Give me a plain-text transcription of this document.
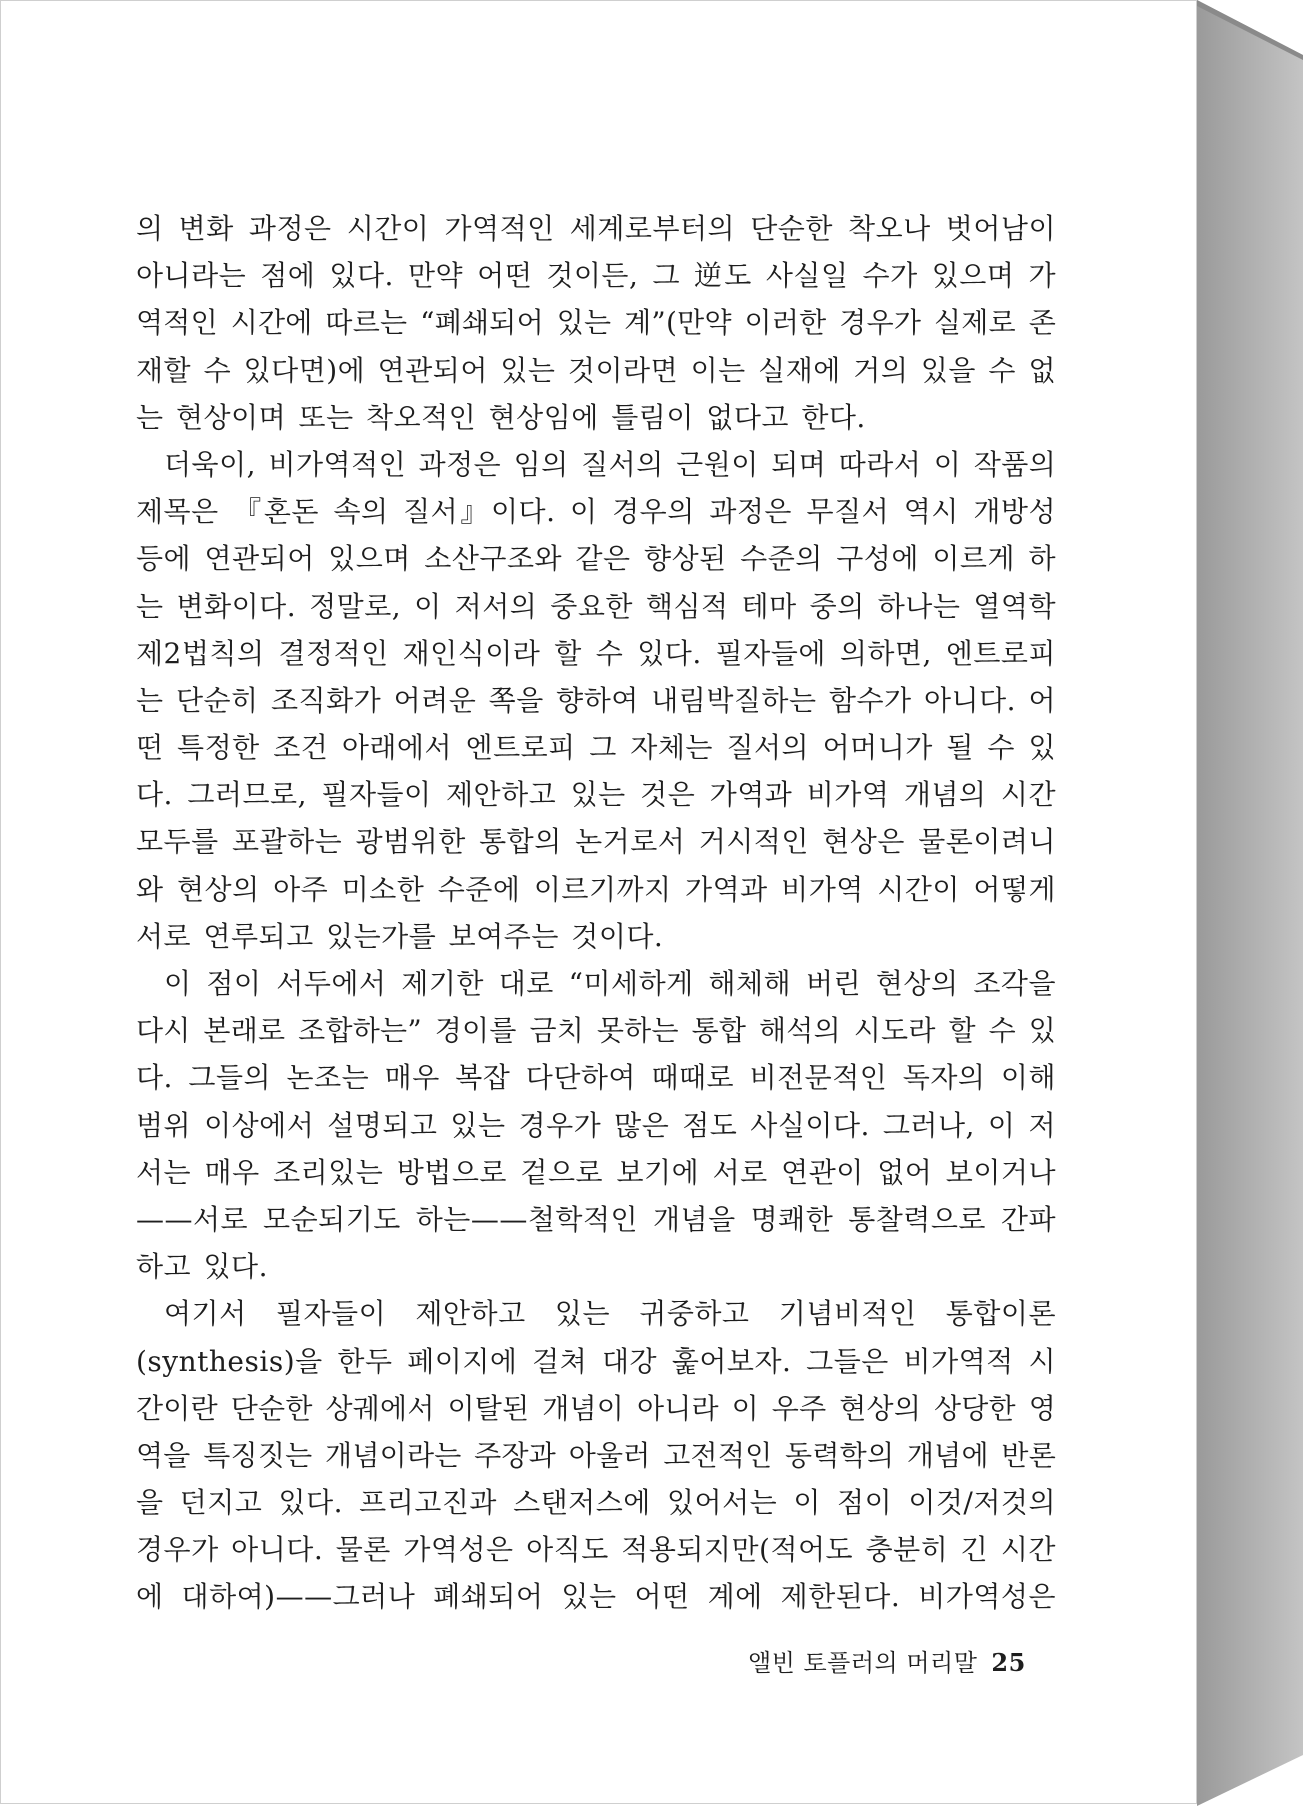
의 변화 과정은 시간이 가역적인 세계로부터의 단순한 착오나 벗어남이
아니라는 점에 있다. 만약 어떤 것이든, 그 逆도 사실일 수가 있으며 가
역적인 시간에 따르는 “폐쇄되어 있는 계”(만약 이러한 경우가 실제로 존
재할 수 있다면)에 연관되어 있는 것이라면 이는 실재에 거의 있을 수 없
는 현상이며 또는 착오적인 현상임에 틀림이 없다고 한다.
더욱이, 비가역적인 과정은 임의 질서의 근원이 되며 따라서 이 작품의
제목은 『혼돈 속의 질서』이다. 이 경우의 과정은 무질서 역시 개방성
등에 연관되어 있으며 소산구조와 같은 향상된 수준의 구성에 이르게 하
는 변화이다. 정말로, 이 저서의 중요한 핵심적 테마 중의 하나는 열역학
제2법칙의 결정적인 재인식이라 할 수 있다. 필자들에 의하면, 엔트로피
는 단순히 조직화가 어려운 쪽을 향하여 내림박질하는 함수가 아니다. 어
떤 특정한 조건 아래에서 엔트로피 그 자체는 질서의 어머니가 될 수 있
다. 그러므로, 필자들이 제안하고 있는 것은 가역과 비가역 개념의 시간
모두를 포괄하는 광범위한 통합의 논거로서 거시적인 현상은 물론이려니
와 현상의 아주 미소한 수준에 이르기까지 가역과 비가역 시간이 어떻게
서로 연루되고 있는가를 보여주는 것이다.
이 점이 서두에서 제기한 대로 “미세하게 해체해 버린 현상의 조각을
다시 본래로 조합하는” 경이를 금치 못하는 통합 해석의 시도라 할 수 있
다. 그들의 논조는 매우 복잡 다단하여 때때로 비전문적인 독자의 이해
범위 이상에서 설명되고 있는 경우가 많은 점도 사실이다. 그러나, 이 저
서는 매우 조리있는 방법으로 겉으로 보기에 서로 연관이 없어 보이거나
——서로 모순되기도 하는——철학적인 개념을 명쾌한 통찰력으로 간파
하고 있다.
여기서 필자들이 제안하고 있는 귀중하고 기념비적인 통합이론
(synthesis)을 한두 페이지에 걸쳐 대강 훑어보자. 그들은 비가역적 시
간이란 단순한 상궤에서 이탈된 개념이 아니라 이 우주 현상의 상당한 영
역을 특징짓는 개념이라는 주장과 아울러 고전적인 동력학의 개념에 반론
을 던지고 있다. 프리고진과 스탠저스에 있어서는 이 점이 이것/저것의
경우가 아니다. 물론 가역성은 아직도 적용되지만(적어도 충분히 긴 시간
에 대하여)——그러나 폐쇄되어 있는 어떤 계에 제한된다. 비가역성은
앨빈 토플러의 머리말 25
